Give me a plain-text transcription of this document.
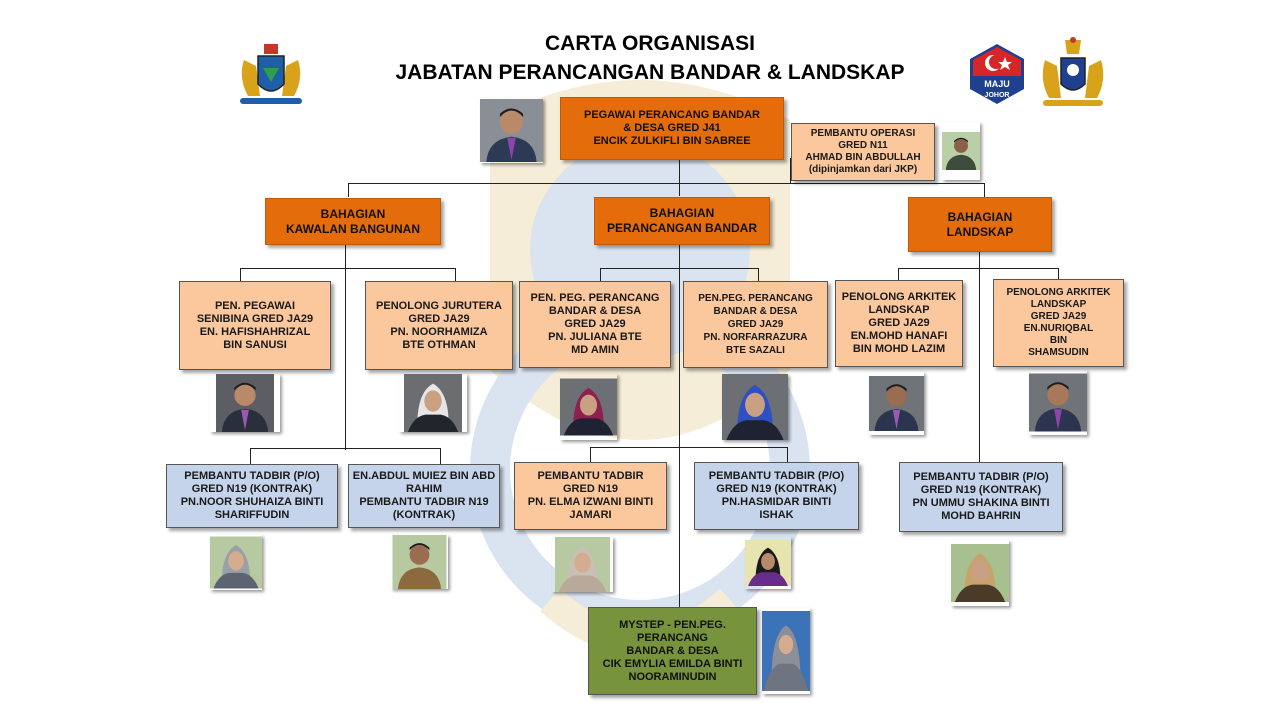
CARTA ORGANISASI
JABATAN PERANCANGAN BANDAR & LANDSKAP	MAJU
JOHOR
PEGAWAI PERANCANG BANDAR
& DESA GRED J41
ENCIK ZULKIFLI BIN SABREE
PEMBANTU OPERASI
GRED N11
AHMAD BIN ABDULLAH
(dipinjamkan dari JKP)
BAHAGIAN
KAWALAN BANGUNAN
BAHAGIAN
PERANCANGAN BANDAR
BAHAGIAN
LANDSKAP
PEN. PEGAWAI
SENIBINA GRED JA29
EN. HAFISHAHRIZAL
BIN SANUSI
PENOLONG JURUTERA
GRED JA29
PN. NOORHAMIZA
BTE OTHMAN
PEN. PEG. PERANCANG
BANDAR & DESA
GRED JA29
PN. JULIANA BTE
MD AMIN
PEN.PEG. PERANCANG
BANDAR & DESA
GRED JA29
PN. NORFARRAZURA
BTE SAZALI
PENOLONG ARKITEK
LANDSKAP
GRED JA29
EN.MOHD HANAFI
BIN MOHD LAZIM
PENOLONG ARKITEK
LANDSKAP
GRED JA29
EN.NURIQBAL
BIN
SHAMSUDIN
PEMBANTU TADBIR (P/O)
GRED N19 (KONTRAK)
PN.NOOR SHUHAIZA BINTI
SHARIFFUDIN
EN.ABDUL MUIEZ BIN ABD
RAHIM
PEMBANTU TADBIR N19
(KONTRAK)
PEMBANTU TADBIR
GRED N19
PN. ELMA IZWANI BINTI
JAMARI
PEMBANTU TADBIR (P/O)
GRED N19 (KONTRAK)
PN.HASMIDAR BINTI
ISHAK
PEMBANTU TADBIR (P/O)
GRED N19 (KONTRAK)
PN UMMU SHAKINA BINTI
MOHD BAHRIN
MYSTEP - PEN.PEG.
PERANCANG
BANDAR & DESA
CIK EMYLIA EMILDA BINTI
NOORAMINUDIN
